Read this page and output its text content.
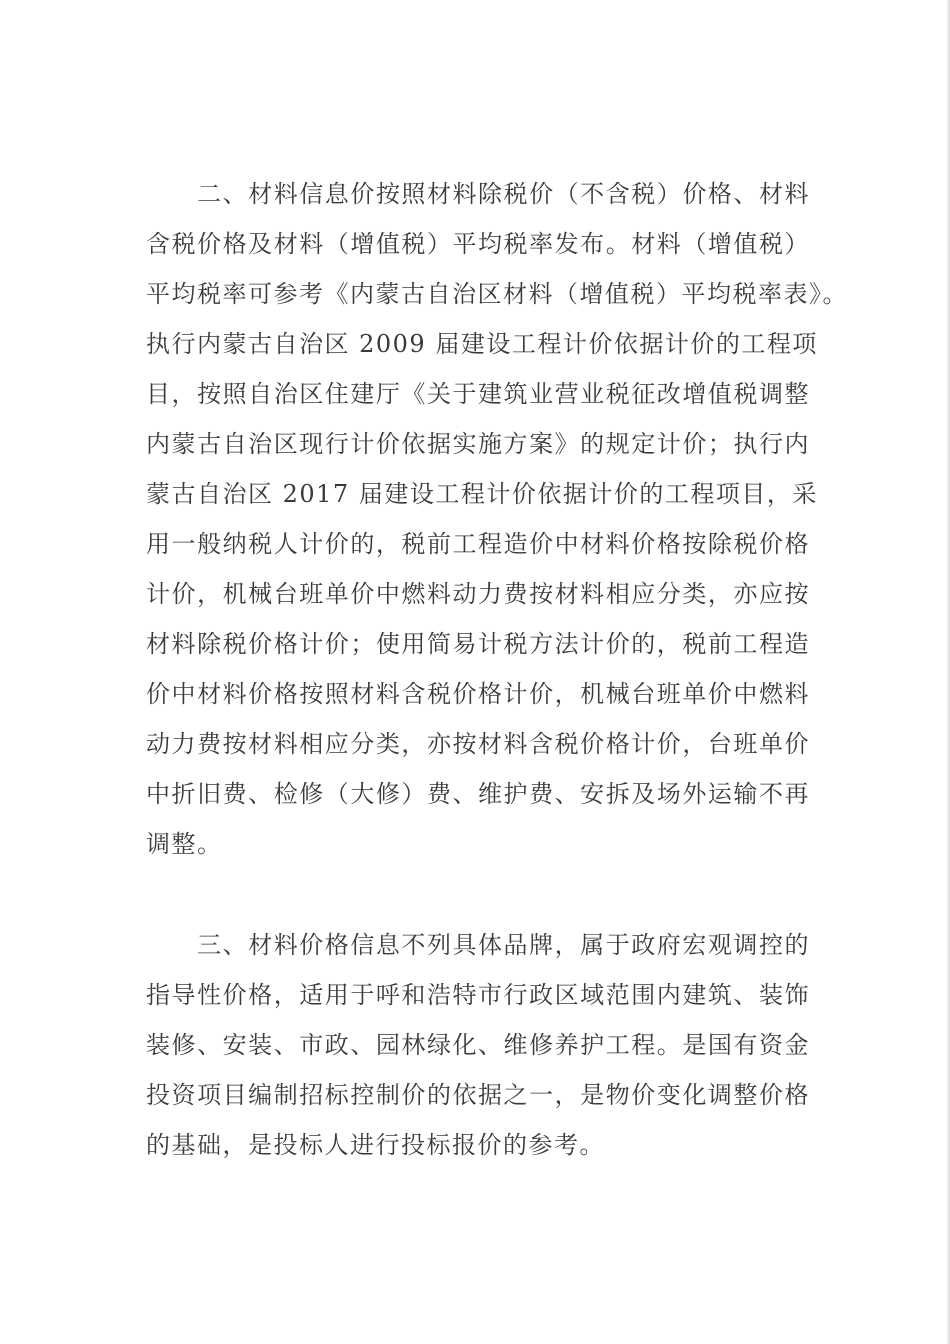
　　二、材料信息价按照材料除税价（不含税）价格、材料
含税价格及材料（增值税）平均税率发布。材料（增值税）
平均税率可参考《内蒙古自治区材料（增值税）平均税率表》。
执行内蒙古自治区 2009 届建设工程计价依据计价的工程项
目，按照自治区住建厅《关于建筑业营业税征改增值税调整
内蒙古自治区现行计价依据实施方案》的规定计价；执行内
蒙古自治区 2017 届建设工程计价依据计价的工程项目，采
用一般纳税人计价的，税前工程造价中材料价格按除税价格
计价，机械台班单价中燃料动力费按材料相应分类，亦应按
材料除税价格计价；使用简易计税方法计价的，税前工程造
价中材料价格按照材料含税价格计价，机械台班单价中燃料
动力费按材料相应分类，亦按材料含税价格计价，台班单价
中折旧费、检修（大修）费、维护费、安拆及场外运输不再
调整。
　　三、材料价格信息不列具体品牌，属于政府宏观调控的
指导性价格，适用于呼和浩特市行政区域范围内建筑、装饰
装修、安装、市政、园林绿化、维修养护工程。是国有资金
投资项目编制招标控制价的依据之一，是物价变化调整价格
的基础，是投标人进行投标报价的参考。
